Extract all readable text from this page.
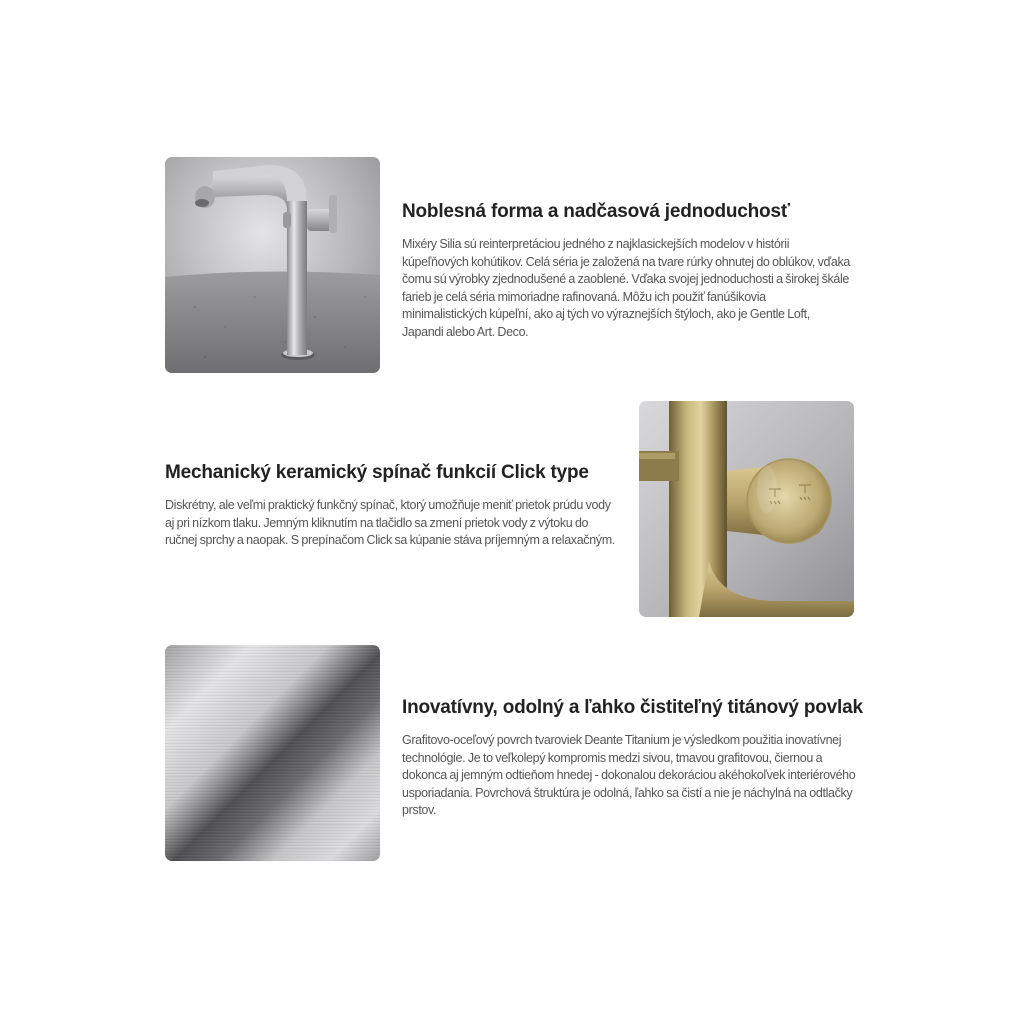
Noblesná forma a nadčasová jednoduchosť

Mixéry Silia sú reinterpretáciou jedného z najklasickejších modelov v histórii kúpeľňových kohútikov. Celá séria je založená na tvare rúrky ohnutej do oblúkov, vďaka čomu sú výrobky zjednodušené a zaoblené. Vďaka svojej jednoduchosti a širokej škále farieb je celá séria mimoriadne rafinovaná. Môžu ich použiť fanúšikovia minimalistických kúpeľní, ako aj tých vo výraznejších štýloch, ako je Gentle Loft, Japandi alebo Art. Deco.

Mechanický keramický spínač funkcií Click type

Diskrétny, ale veľmi praktický funkčný spínač, ktorý umožňuje meniť prietok prúdu vody aj pri nízkom tlaku. Jemným kliknutím na tlačidlo sa zmení prietok vody z výtoku do ručnej sprchy a naopak. S prepínačom Click sa kúpanie stáva príjemným a relaxačným.

Inovatívny, odolný a ľahko čistiteľný titánový povlak

Grafitovo-oceľový povrch tvaroviek Deante Titanium je výsledkom použitia inovatívnej technológie. Je to veľkolepý kompromis medzi sivou, tmavou grafitovou, čiernou a dokonca aj jemným odtieňom hnedej - dokonalou dekoráciou akéhokoľvek interiérového usporiadania. Povrchová štruktúra je odolná, ľahko sa čistí a nie je náchylná na odtlačky prstov.
